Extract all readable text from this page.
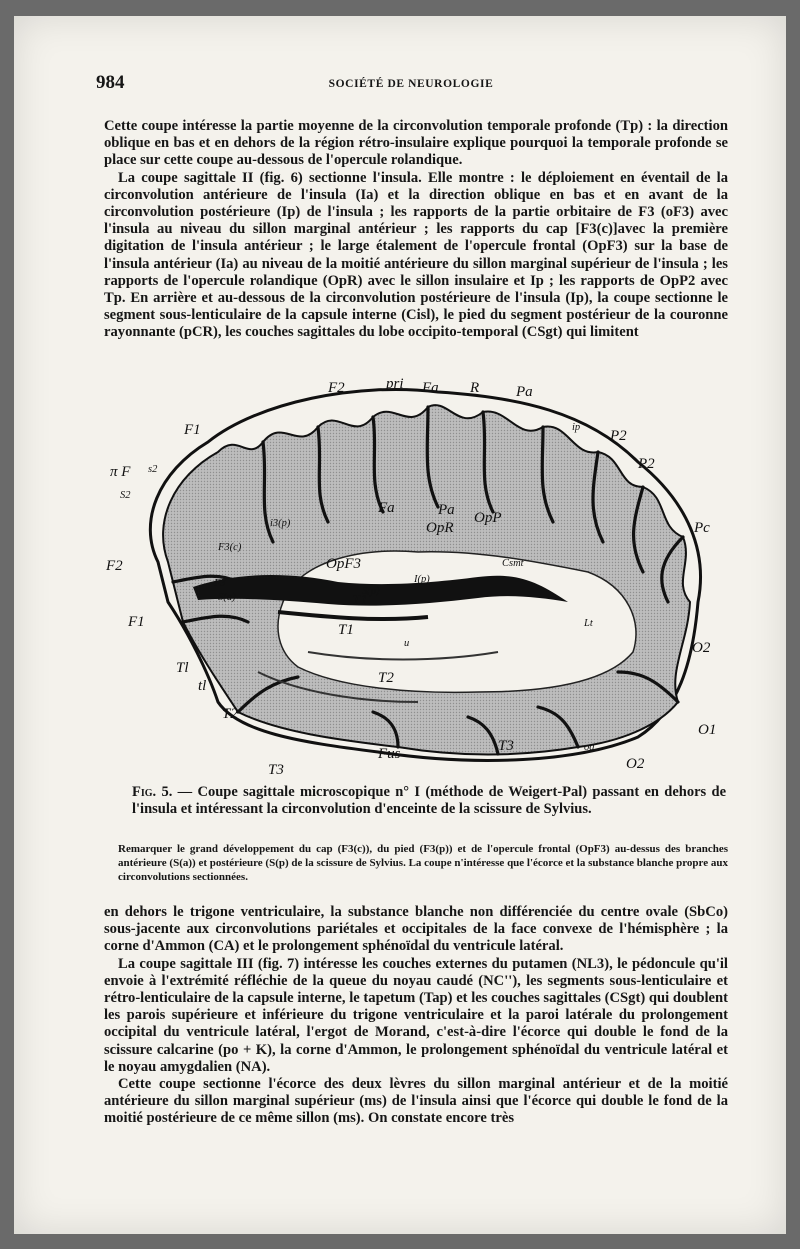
984	SOCIÉTÉ DE NEUROLOGIE

Cette coupe intéresse la partie moyenne de la circonvolution temporale profonde (Tp) : la direction oblique en bas et en dehors de la région rétro-insulaire explique pourquoi la temporale profonde se place sur cette coupe au-dessous de l'opercule rolandique.

La coupe sagittale II (fig. 6) sectionne l'insula. Elle montre : le déploiement en éventail de la circonvolution antérieure de l'insula (Ia) et la direction oblique en bas et en avant de la circonvolution postérieure (Ip) de l'insula ; les rapports de la partie orbitaire de F3 (oF3) avec l'insula au niveau du sillon marginal antérieur ; les rapports du cap [F3(c)]avec la première digitation de l'insula antérieur ; le large étalement de l'opercule frontal (OpF3) sur la base de l'insula antérieur (Ia) au niveau de la moitié antérieure du sillon marginal supérieur de l'insula ; les rapports de l'opercule rolandique (OpR) avec le sillon insulaire et Ip ; les rapports de OpP2 avec Tp. En arrière et au-dessous de la circonvolution postérieure de l'insula (Ip), la coupe sectionne le segment sous-lenticulaire de la capsule interne (Cisl), le pied du segment postérieur de la couronne rayonnante (pCR), les couches sagittales du lobe occipito-temporal (CSgt) qui limitent

F2	pri Fa R Pa
F1	ip
P2
P2
π F s2
S2
Pc
F2
F1
Tl
tl
T1
T1
T2
T2
T3
T3
Fus
O1
O2
O2
oa
i3(p)
Fa
OpR
OpP
Pa
OpF3
S(p)
I(p)
Csmt
F3(c)
F3
S(a)
u
Lt
Fig. 5. — Coupe sagittale microscopique n° I (méthode de Weigert-Pal) passant en dehors de l'insula et intéressant la circonvolution d'enceinte de la scissure de Sylvius.
Remarquer le grand développement du cap (F3(c)), du pied (F3(p)) et de l'opercule frontal (OpF3) au-dessus des branches antérieure (S(a)) et postérieure (S(p) de la scissure de Sylvius. La coupe n'intéresse que l'écorce et la substance blanche propre aux circonvolutions sectionnées.

en dehors le trigone ventriculaire, la substance blanche non différenciée du centre ovale (SbCo) sous-jacente aux circonvolutions pariétales et occipitales de la face convexe de l'hémisphère ; la corne d'Ammon (CA) et le prolongement sphénoïdal du ventricule latéral.

La coupe sagittale III (fig. 7) intéresse les couches externes du putamen (NL3), le pédoncule qu'il envoie à l'extrémité réfléchie de la queue du noyau caudé (NC''), les segments sous-lenticulaire et rétro-lenticulaire de la capsule interne, le tapetum (Tap) et les couches sagittales (CSgt) qui doublent les parois supérieure et inférieure du trigone ventriculaire et la paroi latérale du prolongement occipital du ventricule latéral, l'ergot de Morand, c'est-à-dire l'écorce qui double le fond de la scissure calcarine (po + K), la corne d'Ammon, le prolongement sphénoïdal du ventricule latéral et le noyau amygdalien (NA).

Cette coupe sectionne l'écorce des deux lèvres du sillon marginal antérieur et de la moitié antérieure du sillon marginal supérieur (ms) de l'insula ainsi que l'écorce qui double le fond de la moitié postérieure de ce même sillon (ms). On constate encore très
